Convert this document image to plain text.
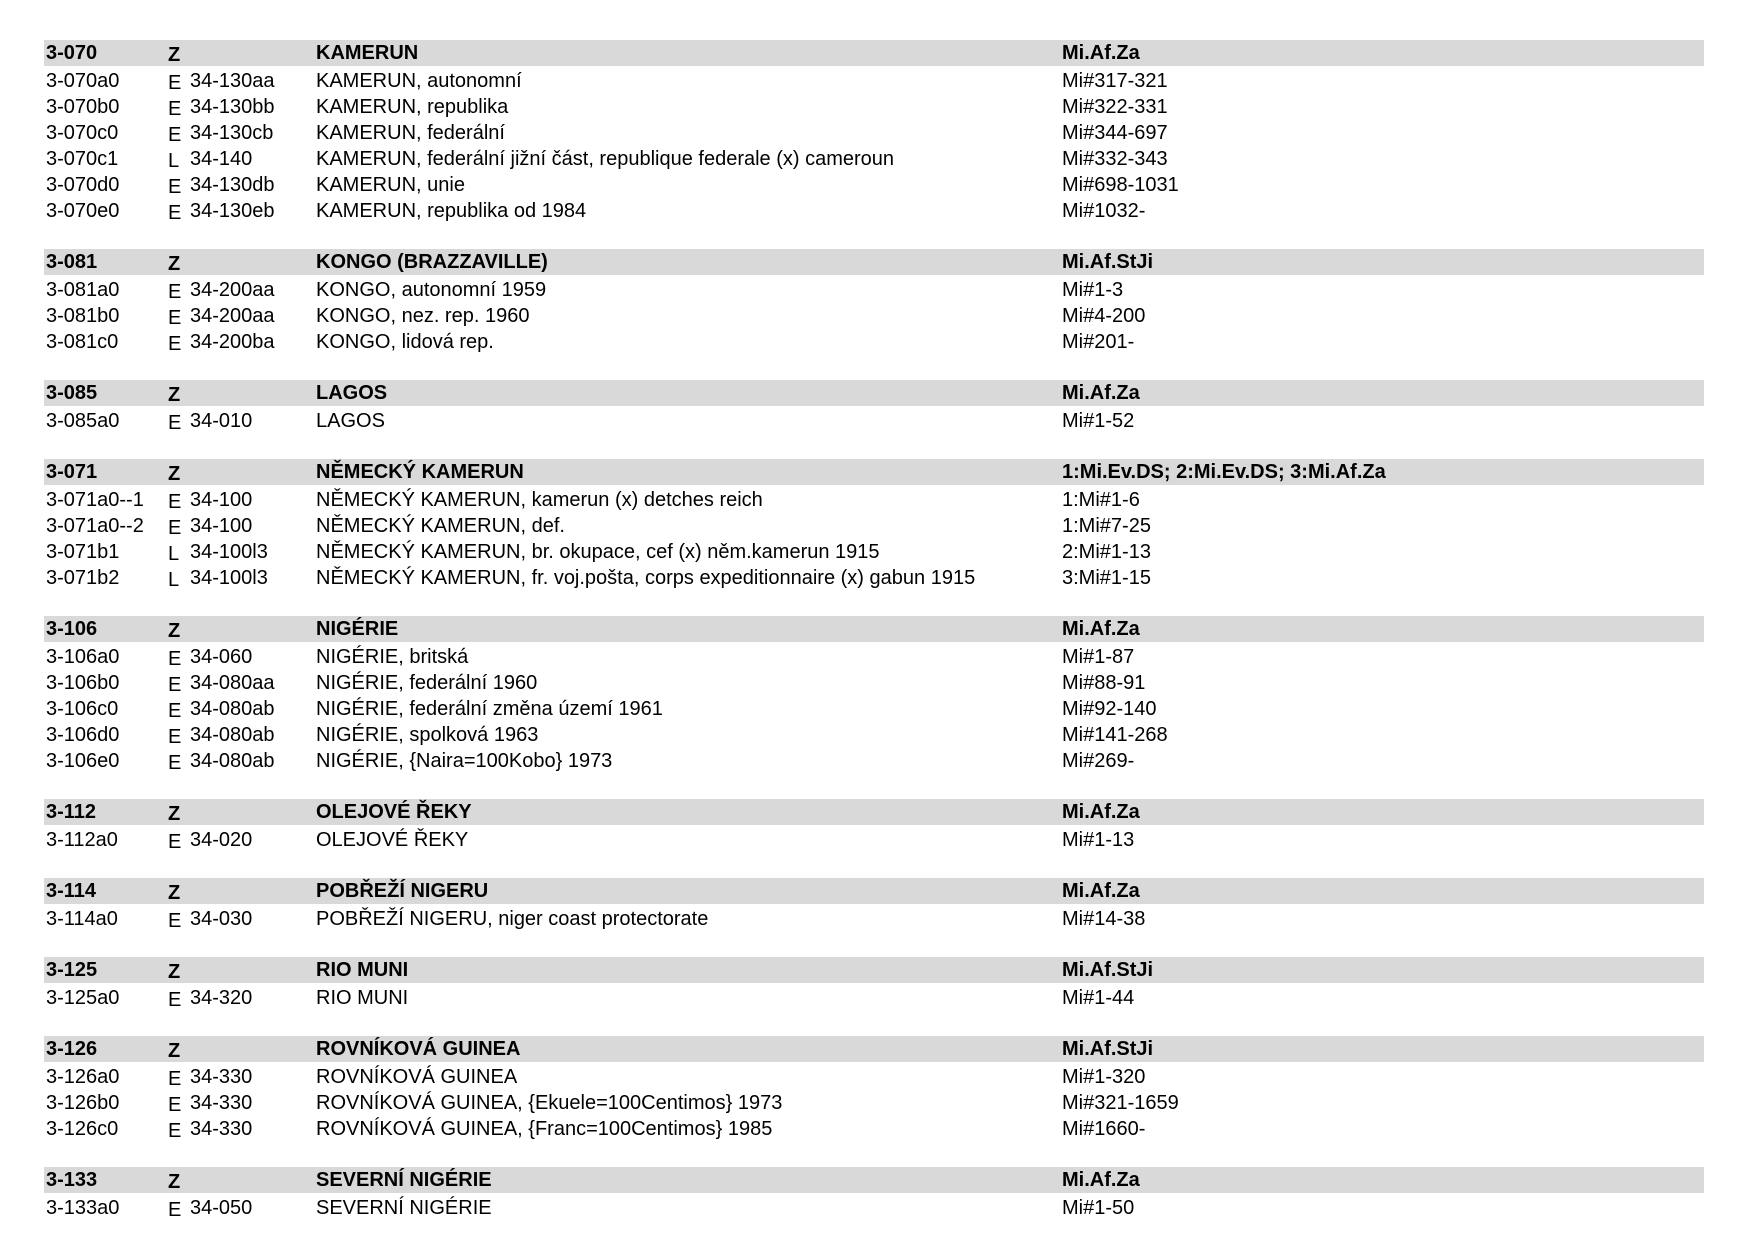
3-070	Z	KAMERUN	Mi.Af.Za
3-070a0 E 34-130aa KAMERUN, autonomní	Mi#317-321
3-070b0 E 34-130bb KAMERUN, republika	Mi#322-331
3-070c0 E 34-130cb KAMERUN, federální	Mi#344-697
3-070c1 L 34-140	KAMERUN, federální jižní část, republique federale (x) cameroun	Mi#332-343
3-070d0 E 34-130db KAMERUN, unie	Mi#698-1031
3-070e0 E 34-130eb KAMERUN, republika od 1984	Mi#1032-
3-081	Z	KONGO (BRAZZAVILLE)	Mi.Af.StJi
3-081a0 E 34-200aa KONGO, autonomní 1959	Mi#1-3
3-081b0 E 34-200aa KONGO, nez. rep. 1960	Mi#4-200
3-081c0 E 34-200ba KONGO, lidová rep.	Mi#201-
3-085	Z	LAGOS	Mi.Af.Za
3-085a0 E 34-010	LAGOS	Mi#1-52
3-071	Z	NĚMECKÝ KAMERUN	1:Mi.Ev.DS; 2:Mi.Ev.DS; 3:Mi.Af.Za
3-071a0--1 E 34-100	NĚMECKÝ KAMERUN, kamerun (x) detches reich	1:Mi#1-6
3-071a0--2 E 34-100	NĚMECKÝ KAMERUN, def.	1:Mi#7-25
3-071b1 L 34-100l3 NĚMECKÝ KAMERUN, br. okupace, cef (x) něm.kamerun 1915	2:Mi#1-13
3-071b2 L 34-100l3 NĚMECKÝ KAMERUN, fr. voj.pošta, corps expeditionnaire (x) gabun 1915	3:Mi#1-15
3-106	Z	NIGÉRIE	Mi.Af.Za
3-106a0 E 34-060	NIGÉRIE, britská	Mi#1-87
3-106b0 E 34-080aa NIGÉRIE, federální 1960	Mi#88-91
3-106c0 E 34-080ab NIGÉRIE, federální změna území 1961	Mi#92-140
3-106d0 E 34-080ab NIGÉRIE, spolková 1963	Mi#141-268
3-106e0 E 34-080ab NIGÉRIE, {Naira=100Kobo} 1973	Mi#269-
3-112	Z	OLEJOVÉ ŘEKY	Mi.Af.Za
3-112a0	E 34-020	OLEJOVÉ ŘEKY	Mi#1-13
3-114	Z	POBŘEŽÍ NIGERU	Mi.Af.Za
3-114a0	E 34-030	POBŘEŽÍ NIGERU, niger coast protectorate	Mi#14-38
3-125	Z	RIO MUNI	Mi.Af.StJi
3-125a0 E 34-320	RIO MUNI	Mi#1-44
3-126	Z	ROVNÍKOVÁ GUINEA	Mi.Af.StJi
3-126a0 E 34-330	ROVNÍKOVÁ GUINEA	Mi#1-320
3-126b0 E 34-330	ROVNÍKOVÁ GUINEA, {Ekuele=100Centimos} 1973	Mi#321-1659
3-126c0 E 34-330	ROVNÍKOVÁ GUINEA, {Franc=100Centimos} 1985	Mi#1660-
3-133	Z	SEVERNÍ NIGÉRIE	Mi.Af.Za
3-133a0 E 34-050	SEVERNÍ NIGÉRIE	Mi#1-50
